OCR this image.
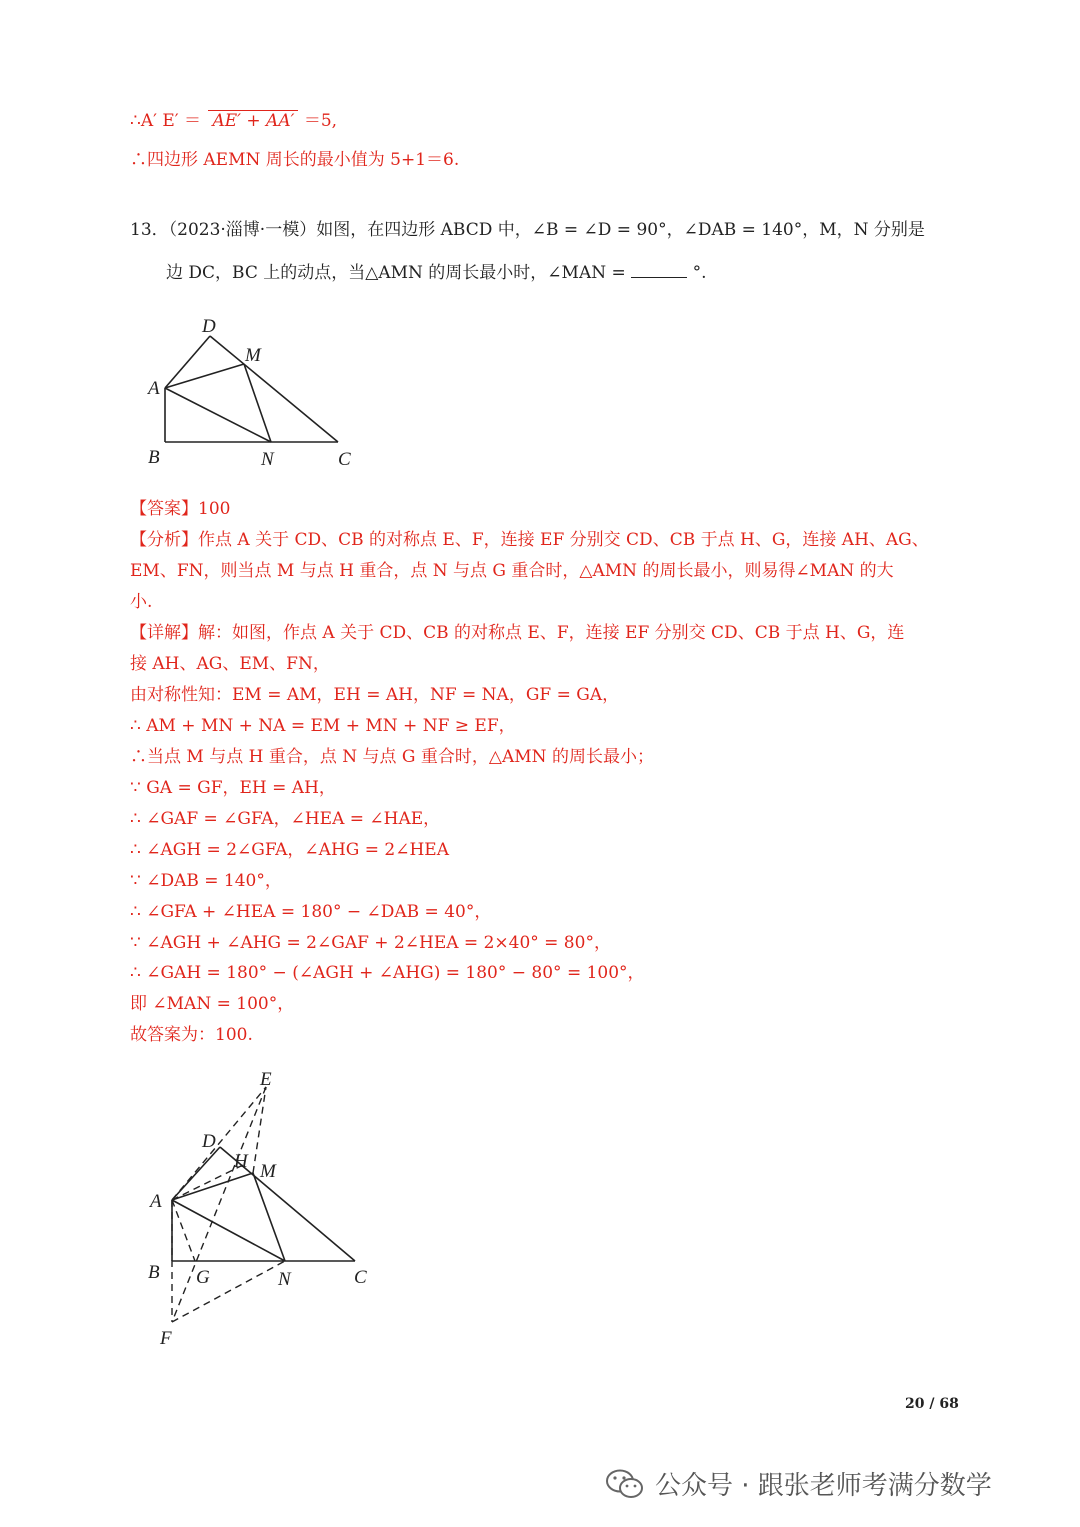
∴A′ E′ ＝ AE′ + AA′ ＝5,
∴四边形 AEMN 周长的最小值为 5+1＝6.
13．（2023·淄博·一模）如图，在四边形 ABCD 中，∠B = ∠D = 90°，∠DAB = 140°，M，N 分别是
边 DC，BC 上的动点，当△AMN 的周长最小时，∠MAN =	°.
D
M
A
B	N	C
【答案】100
【分析】作点 A 关于 CD、CB 的对称点 E、F，连接 EF 分别交 CD、CB 于点 H、G，连接 AH、AG、
EM、FN，则当点 M 与点 H 重合，点 N 与点 G 重合时，△AMN 的周长最小，则易得∠MAN 的大
小.
【详解】解：如图，作点 A 关于 CD、CB 的对称点 E、F，连接 EF 分别交 CD、CB 于点 H、G，连
接 AH、AG、EM、FN，
由对称性知：EM = AM，EH = AH，NF = NA，GF = GA，
∴ AM + MN + NA = EM + MN + NF ≥ EF，
∴当点 M 与点 H 重合，点 N 与点 G 重合时，△AMN 的周长最小；
∵ GA = GF，EH = AH，
∴ ∠GAF = ∠GFA，∠HEA = ∠HAE，
∴ ∠AGH = 2∠GFA，∠AHG = 2∠HEA
∵ ∠DAB = 140°，
∴ ∠GFA + ∠HEA = 180° − ∠DAB = 40°，
∵ ∠AGH + ∠AHG = 2∠GAF + 2∠HEA = 2×40° = 80°，
∴ ∠GAH = 180° − (∠AGH + ∠AHG) = 180° − 80° = 100°，
即 ∠MAN = 100°，
故答案为：100.
E
D
H M
A
B G	N	C
F
20 / 68
公众号 · 跟张老师考满分数学
